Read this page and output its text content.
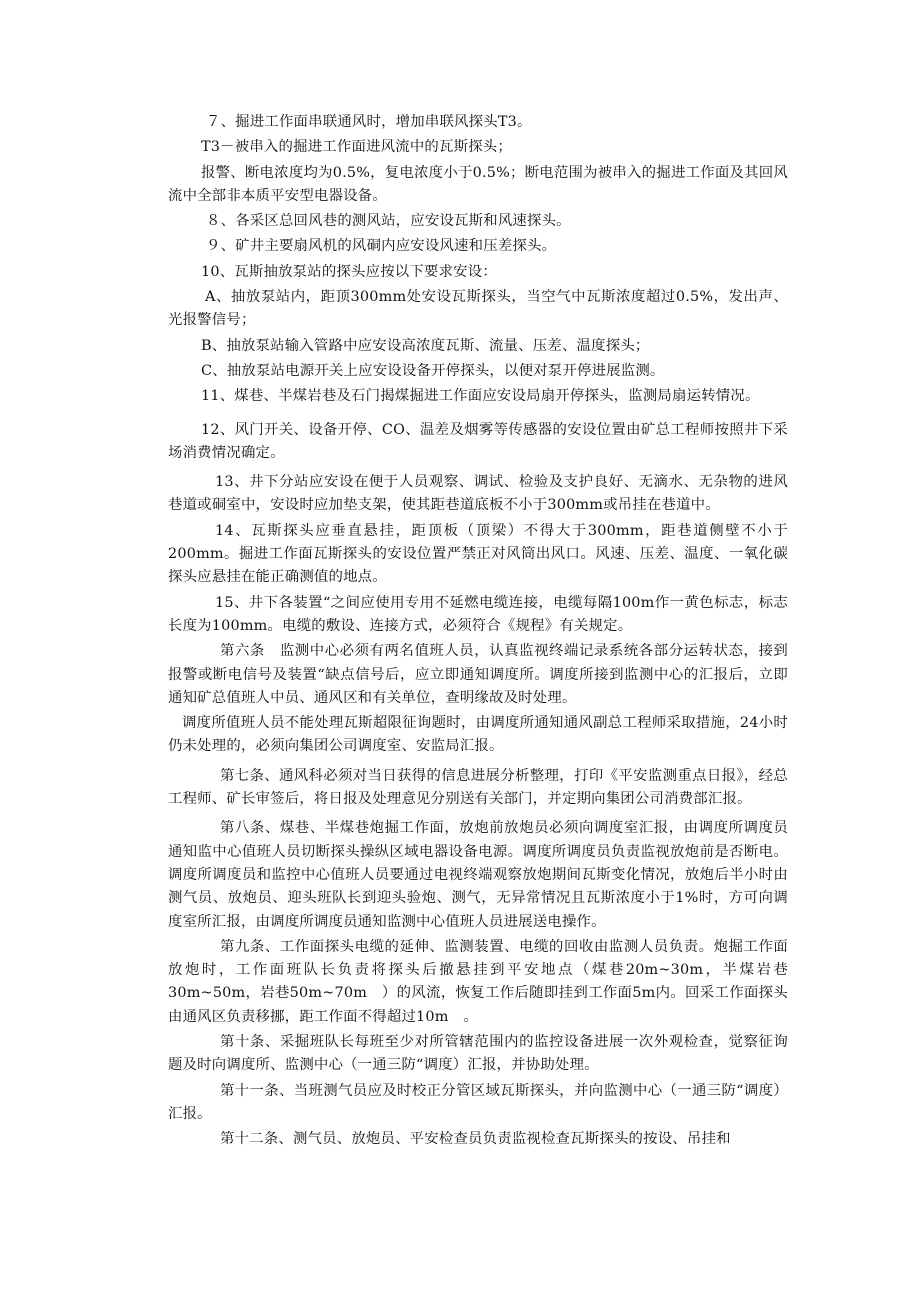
７、掘进工作面串联通风时，增加串联风探头T3。

T3－被串入的掘进工作面进风流中的瓦斯探头；

报警、断电浓度均为0.5%，复电浓度小于0.5%；断电范围为被串入的掘进工作面及其回风流中全部非本质平安型电器设备。

８、各采区总回风巷的测风站，应安设瓦斯和风速探头。

９、矿井主要扇风机的风硐内应安设风速和压差探头。

10、瓦斯抽放泵站的探头应按以下要求安设：

A、抽放泵站内，距顶300mm处安设瓦斯探头，当空气中瓦斯浓度超过0.5%，发出声、光报警信号；

B、抽放泵站输入管路中应安设高浓度瓦斯、流量、压差、温度探头；

C、抽放泵站电源开关上应安设设备开停探头，以便对泵开停进展监测。

11、煤巷、半煤岩巷及石门揭煤掘进工作面应安设局扇开停探头，监测局扇运转情况。

12、风门开关、设备开停、CO、温差及烟雾等传感器的安设位置由矿总工程师按照井下采场消费情况确定。

13、井下分站应安设在便于人员观察、调试、检验及支护良好、无滴水、无杂物的进风巷道或硐室中，安设时应加垫支架，使其距巷道底板不小于300mm或吊挂在巷道中。

14、瓦斯探头应垂直悬挂，距顶板（顶梁）不得大于300mm，距巷道侧壁不小于200mm。掘进工作面瓦斯探头的安设位置严禁正对风筒出风口。风速、压差、温度、一氧化碳探头应悬挂在能正确测值的地点。

15、井下各装置“之间应使用专用不延燃电缆连接，电缆每隔100m作一黄色标志，标志长度为100mm。电缆的敷设、连接方式，必须符合《规程》有关规定。

第六条　监测中心必须有两名值班人员，认真监视终端记录系统各部分运转状态，接到报警或断电信号及装置“缺点信号后，应立即通知调度所。调度所接到监测中心的汇报后，立即通知矿总值班人中员、通风区和有关单位，查明缘故及时处理。

调度所值班人员不能处理瓦斯超限征询题时，由调度所通知通风副总工程师采取措施，24小时仍未处理的，必须向集团公司调度室、安监局汇报。

第七条、通风科必须对当日获得的信息进展分析整理，打印《平安监测重点日报》，经总工程师、矿长审签后，将日报及处理意见分别送有关部门，并定期向集团公司消费部汇报。

第八条、煤巷、半煤巷炮掘工作面，放炮前放炮员必须向调度室汇报，由调度所调度员通知监中心值班人员切断探头操纵区域电器设备电源。调度所调度员负责监视放炮前是否断电。调度所调度员和监控中心值班人员要通过电视终端观察放炮期间瓦斯变化情况，放炮后半小时由测气员、放炮员、迎头班队长到迎头验炮、测气，无异常情况且瓦斯浓度小于1%时，方可向调度室所汇报，由调度所调度员通知监测中心值班人员进展送电操作。

第九条、工作面探头电缆的延伸、监测装置、电缆的回收由监测人员负责。炮掘工作面放炮时，工作面班队长负责将探头后撤悬挂到平安地点（煤巷20m~30m，半煤岩巷30m~50m，岩巷50m~70m　）的风流，恢复工作后随即挂到工作面5m内。回采工作面探头由通风区负责移挪，距工作面不得超过10m　。

第十条、采掘班队长每班至少对所管辖范围内的监控设备进展一次外观检查，觉察征询题及时向调度所、监测中心（一通三防“调度）汇报，并协助处理。

第十一条、当班测气员应及时校正分管区域瓦斯探头，并向监测中心（一通三防“调度）汇报。

第十二条、测气员、放炮员、平安检查员负责监视检查瓦斯探头的按设、吊挂和
